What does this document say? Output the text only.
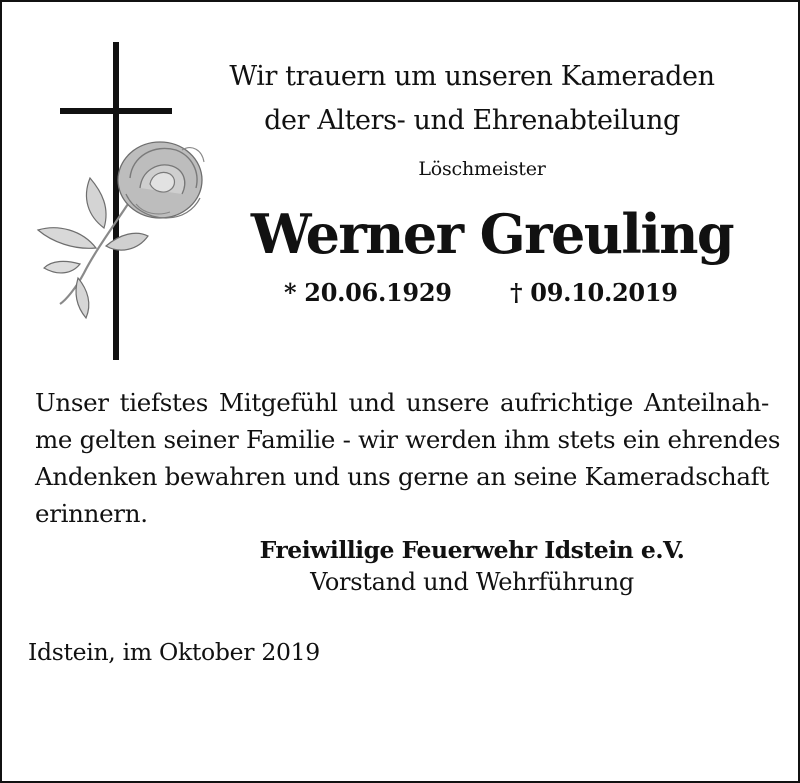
Wir trauern um unseren Kameraden
der Alters- und Ehrenabteilung
Löschmeister
Werner Greuling
* 20.06.1929 † 09.10.2019
Unser tiefstes Mitgefühl und unsere aufrichtige Anteilnah-
me gelten seiner Familie - wir werden ihm stets ein ehrendes
Andenken bewahren und uns gerne an seine Kameradschaft
erinnern.
Freiwillige Feuerwehr Idstein e.V.
Vorstand und Wehrführung
Idstein, im Oktober 2019
